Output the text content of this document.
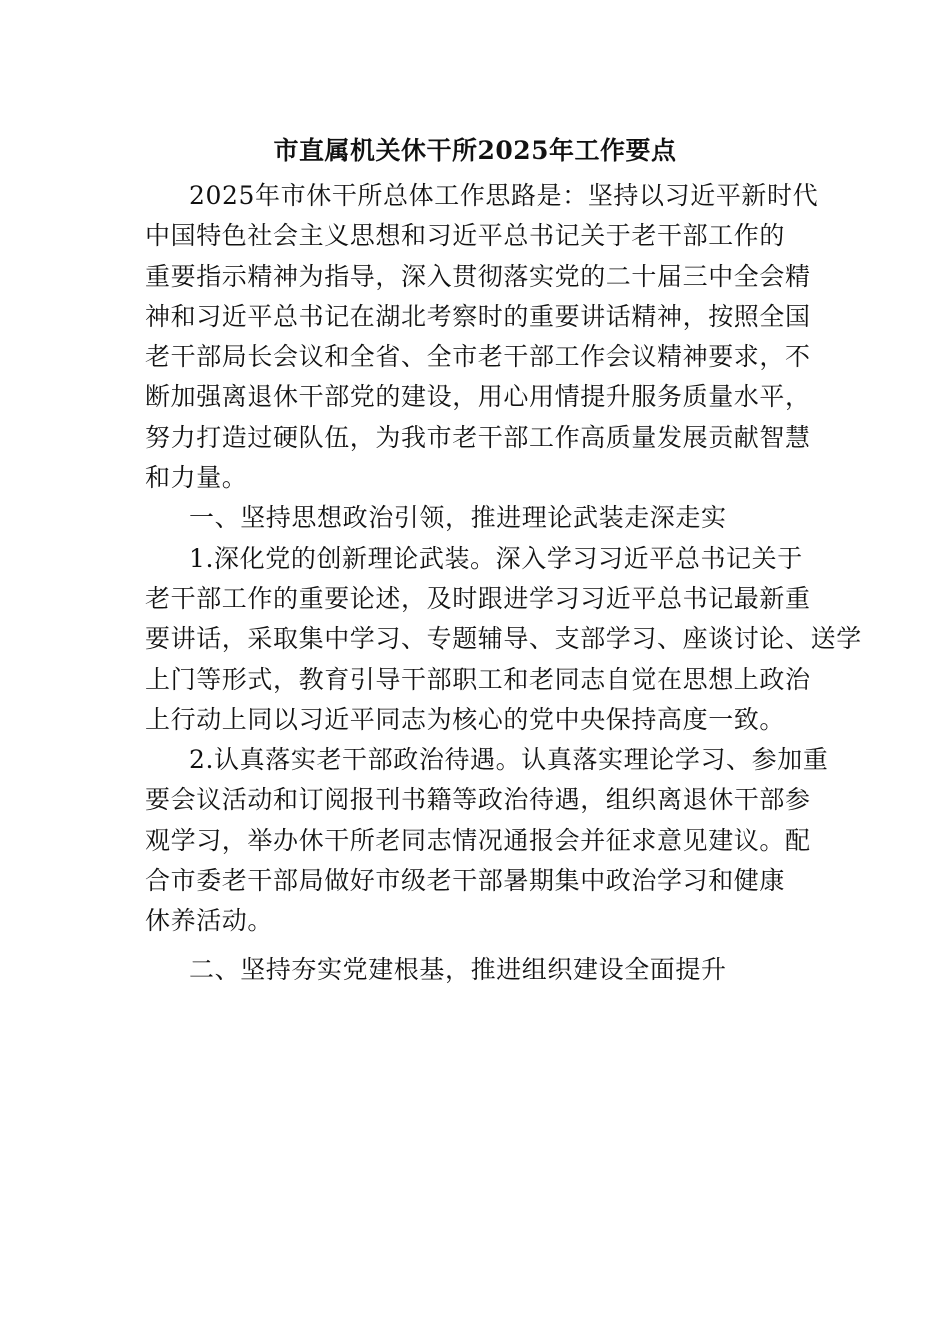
市直属机关休干所2025年工作要点

2025年市休干所总体工作思路是：坚持以习近平新时代
中国特色社会主义思想和习近平总书记关于老干部工作的
重要指示精神为指导，深入贯彻落实党的二十届三中全会精
神和习近平总书记在湖北考察时的重要讲话精神，按照全国
老干部局长会议和全省、全市老干部工作会议精神要求，不
断加强离退休干部党的建设，用心用情提升服务质量水平，
努力打造过硬队伍，为我市老干部工作高质量发展贡献智慧
和力量。

一、坚持思想政治引领，推进理论武装走深走实

1.深化党的创新理论武装。深入学习习近平总书记关于
老干部工作的重要论述，及时跟进学习习近平总书记最新重
要讲话，采取集中学习、专题辅导、支部学习、座谈讨论、送学
上门等形式，教育引导干部职工和老同志自觉在思想上政治
上行动上同以习近平同志为核心的党中央保持高度一致。

2.认真落实老干部政治待遇。认真落实理论学习、参加重
要会议活动和订阅报刊书籍等政治待遇，组织离退休干部参
观学习，举办休干所老同志情况通报会并征求意见建议。配
合市委老干部局做好市级老干部暑期集中政治学习和健康
休养活动。

二、坚持夯实党建根基，推进组织建设全面提升
